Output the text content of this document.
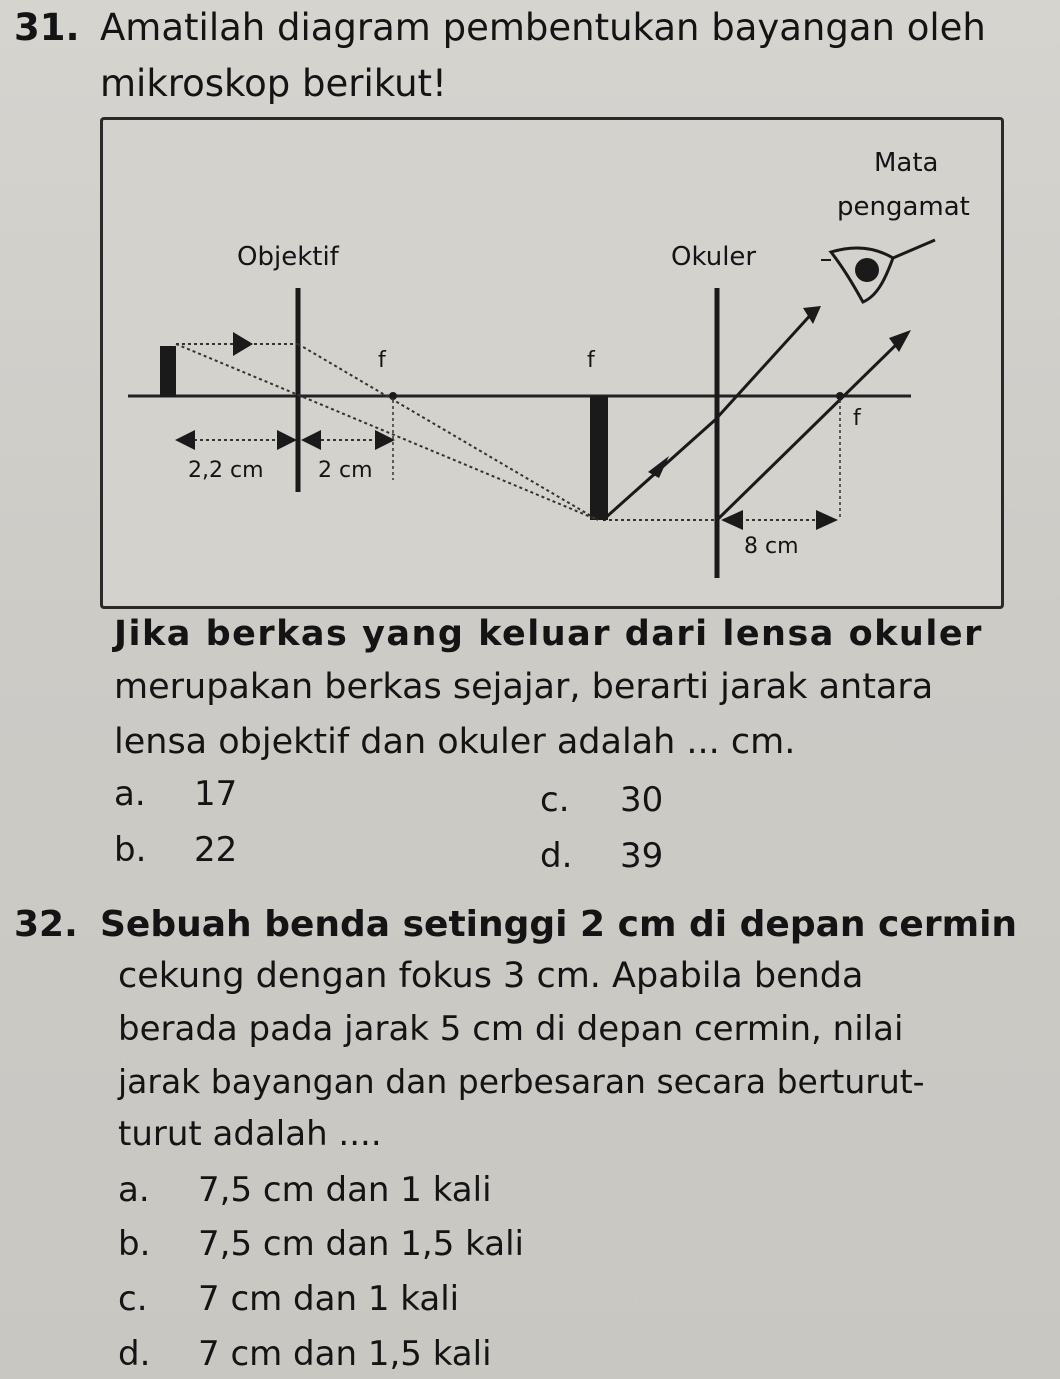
31. Amatilah diagram pembentukan bayangan oleh
mikroskop berikut!
Mata
pengamat
Objektif	Okuler
f	f
f
2,2 cm 2 cm
8 cm
Jika berkas yang keluar dari lensa okuler
merupakan berkas sejajar, berarti jarak antara
lensa objektif dan okuler adalah ... cm.
a. 17
b. 22
c. 30
d. 39
32. Sebuah benda setinggi 2 cm di depan cermin
cekung dengan fokus 3 cm. Apabila benda
berada pada jarak 5 cm di depan cermin, nilai
jarak bayangan dan perbesaran secara berturut-
turut adalah ....
a. 7,5 cm dan 1 kali
b. 7,5 cm dan 1,5 kali
c. 7 cm dan 1 kali
d. 7 cm dan 1,5 kali
